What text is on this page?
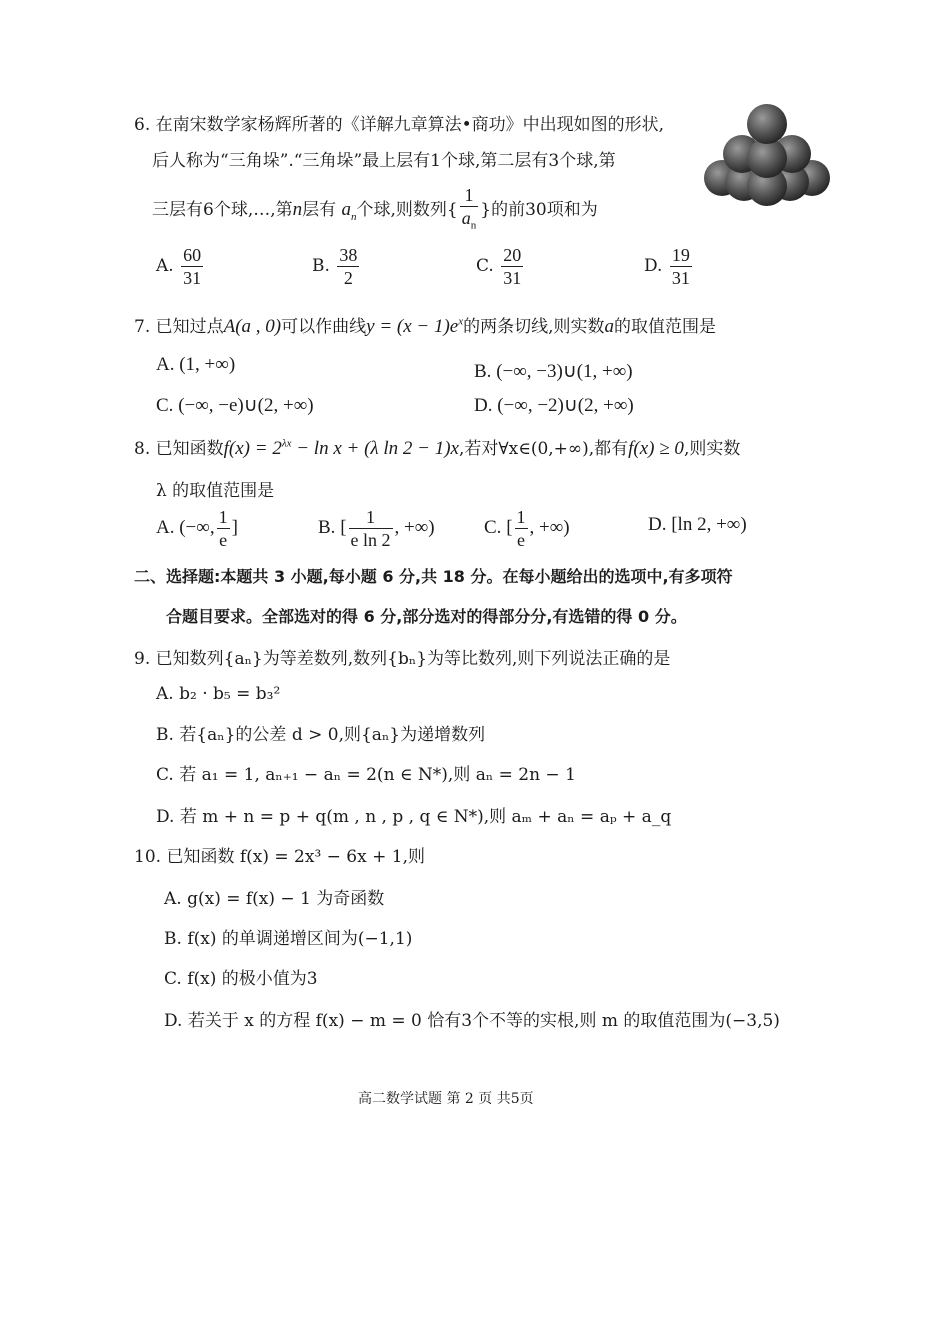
6. 在南宋数学家杨辉所著的《详解九章算法•商功》中出现如图的形状,
后人称为“三角垛”.“三角垛”最上层有1个球,第二层有3个球,第
三层有6个球,…,第n层有 $a_n$个球,则数列{ $\frac{1}{a_n}$ }的前30项和为
A. $\frac{60}{31}$	B. $\frac{38}{2}$	C. $\frac{20}{31}$	D. $\frac{19}{31}$
7. 已知过点A(a , 0)可以作曲线$y = (x - 1)e^x$的两条切线,则实数a的取值范围是
A. (1, +∞)	B. (−∞, −3)∪(1, +∞)
C. (−∞, −e)∪(2, +∞)	D. (−∞, −2)∪(2, +∞)
8. 已知函数$f(x) = 2^{\lambda x} - \ln x + (\lambda$ ln 2 − 1)x,若对∀x∈(0,+∞),都有f(x) ≥ 0,则实数
λ 的取值范围是
A. (−∞, $\frac{1}{e}$ ]	B. [ $\frac{1}{\text{e ln 2}}$ , +∞)	C. [ $\frac{1}{e}$ , +∞)	D. [ln 2, +∞)
二、选择题:本题共 3 小题,每小题 6 分,共 18 分。在每小题给出的选项中,有多项符
合题目要求。全部选对的得 6 分,部分选对的得部分分,有选错的得 0 分。
9. 已知数列{aₙ}为等差数列,数列{bₙ}为等比数列,则下列说法正确的是
A. b₂ · b₅ = b₃²
B. 若{aₙ}的公差 d > 0,则{aₙ}为递增数列
C. 若 a₁ = 1, aₙ₊₁ − aₙ = 2(n ∈ N*),则 aₙ = 2n − 1
D. 若 m + n = p + q(m , n , p , q ∈ N*),则 aₘ + aₙ = aₚ + a_q
10. 已知函数 f(x) = 2x³ − 6x + 1,则
A. g(x) = f(x) − 1 为奇函数
B. f(x) 的单调递增区间为(−1,1)
C. f(x) 的极小值为3
D. 若关于 x 的方程 f(x) − m = 0 恰有3个不等的实根,则 m 的取值范围为(−3,5)
高二数学试题 第 2 页 共5页
